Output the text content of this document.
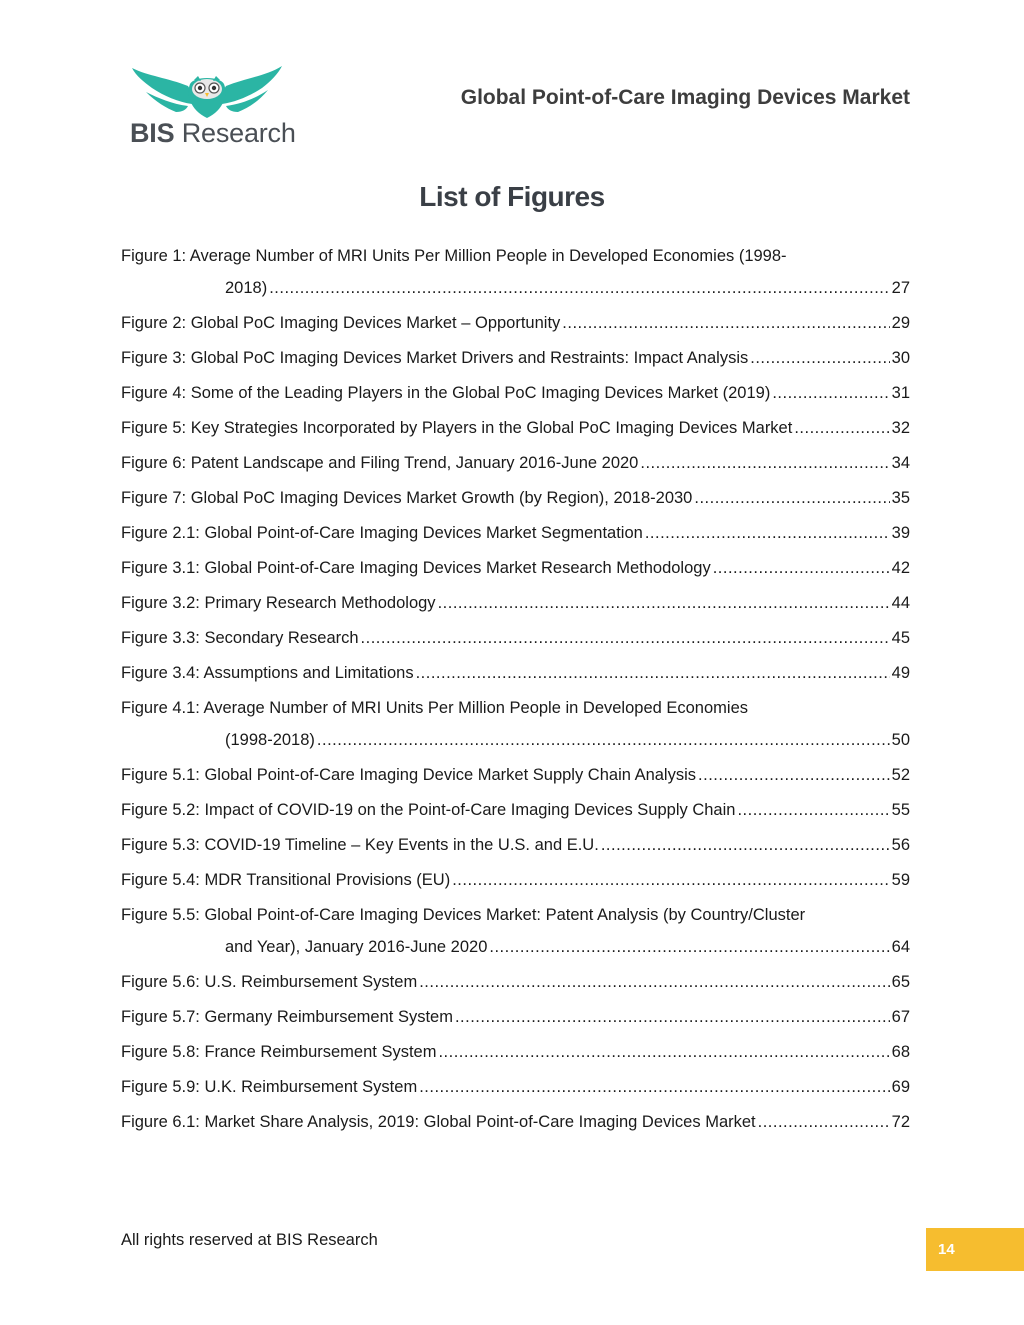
BIS Research
Global Point-of-Care Imaging Devices Market
List of Figures
Figure 1: Average Number of MRI Units Per Million People in Developed Economies (1998-
2018) .....	27
Figure 2: Global PoC Imaging Devices Market – Opportunity .....	29
Figure 3: Global PoC Imaging Devices Market Drivers and Restraints: Impact Analysis .....	30
Figure 4: Some of the Leading Players in the Global PoC Imaging Devices Market (2019) .....	31
Figure 5: Key Strategies Incorporated by Players in the Global PoC Imaging Devices Market .....	32
Figure 6: Patent Landscape and Filing Trend, January 2016-June 2020 .....	34
Figure 7: Global PoC Imaging Devices Market Growth (by Region), 2018-2030 .....	35
Figure 2.1: Global Point-of-Care Imaging Devices Market Segmentation .....	39
Figure 3.1: Global Point-of-Care Imaging Devices Market Research Methodology .....	42
Figure 3.2: Primary Research Methodology .....	44
Figure 3.3: Secondary Research .....	45
Figure 3.4: Assumptions and Limitations .....	49
Figure 4.1: Average Number of MRI Units Per Million People in Developed Economies
(1998-2018) .....	50
Figure 5.1: Global Point-of-Care Imaging Device Market Supply Chain Analysis .....	52
Figure 5.2: Impact of COVID-19 on the Point-of-Care Imaging Devices Supply Chain .....	55
Figure 5.3: COVID-19 Timeline – Key Events in the U.S. and E.U. .....	56
Figure 5.4: MDR Transitional Provisions (EU) .....	59
Figure 5.5: Global Point-of-Care Imaging Devices Market: Patent Analysis (by Country/Cluster
and Year), January 2016-June 2020 .....	64
Figure 5.6: U.S. Reimbursement System .....	65
Figure 5.7: Germany Reimbursement System .....	67
Figure 5.8: France Reimbursement System .....	68
Figure 5.9: U.K. Reimbursement System .....	69
Figure 6.1: Market Share Analysis, 2019: Global Point-of-Care Imaging Devices Market .....	72
All rights reserved at BIS Research
14
